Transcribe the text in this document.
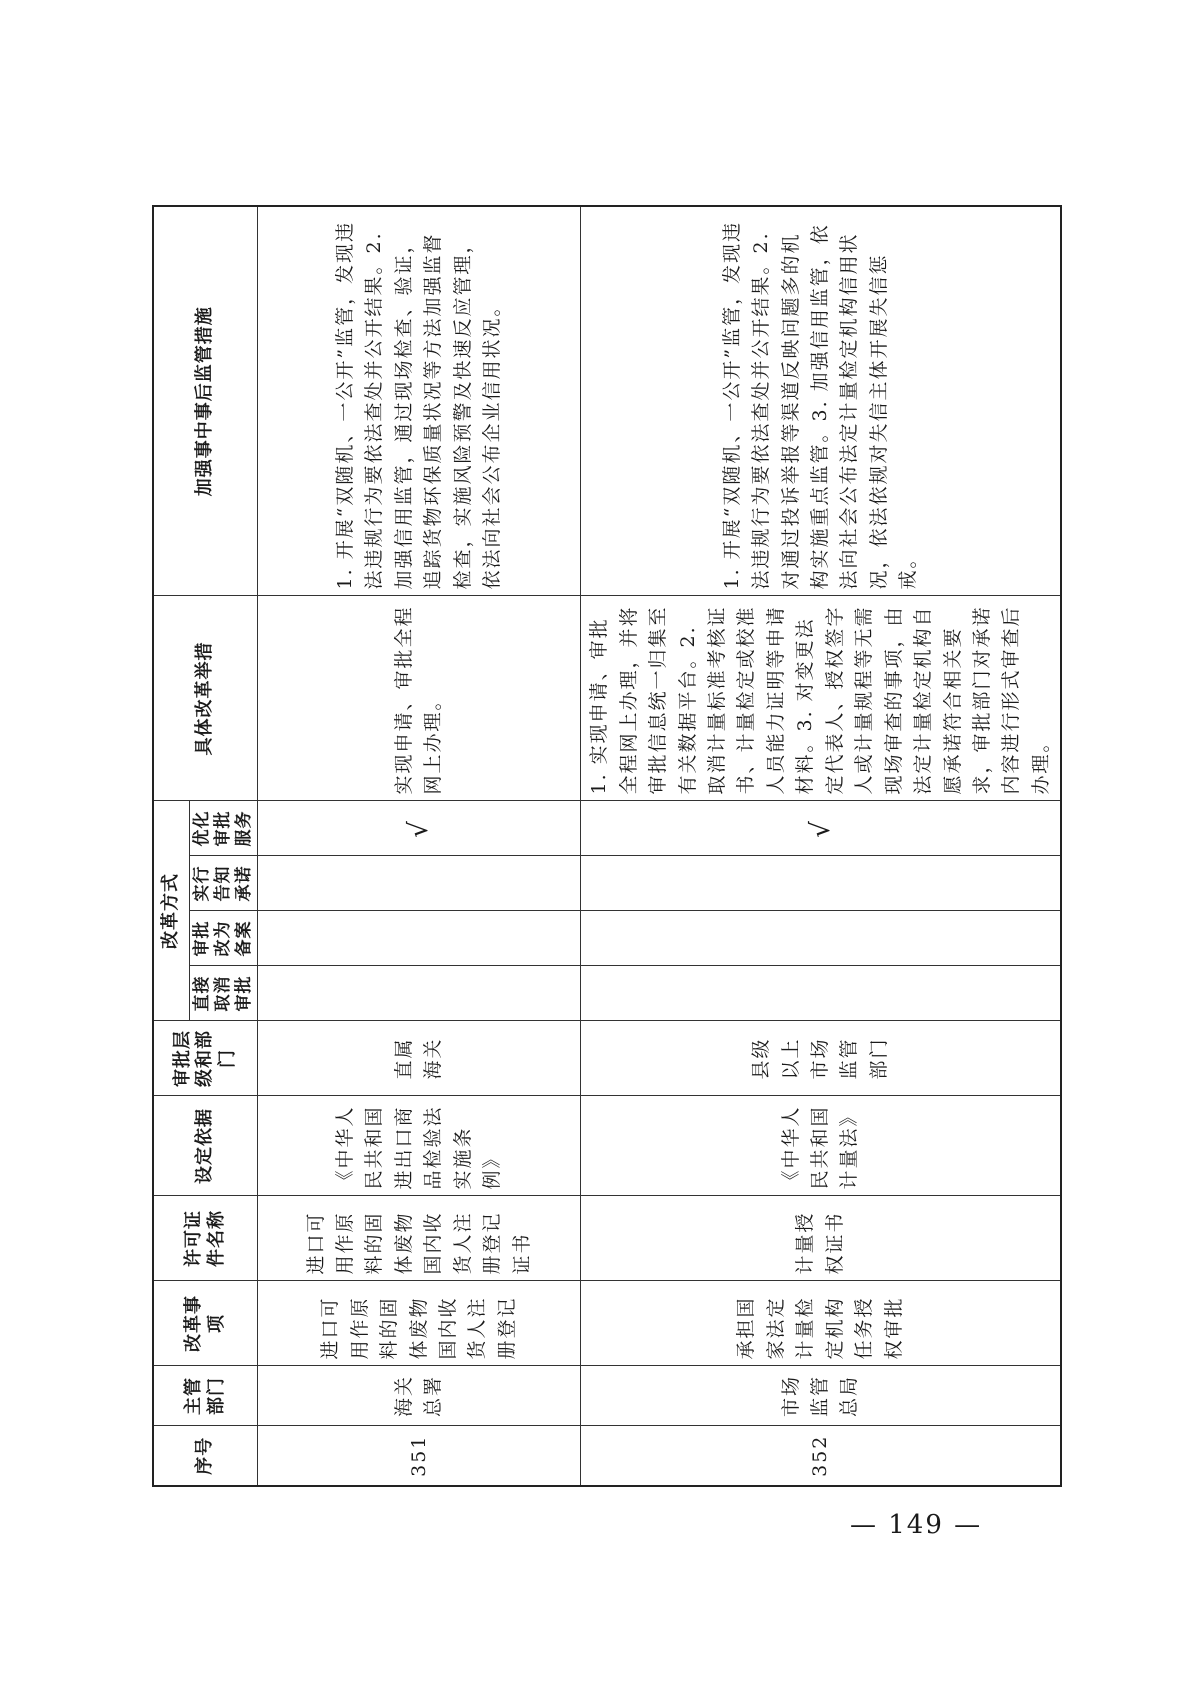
序号	主管部门	改革事项	许可证件名称	设定依据	审批层级和部门	改革方式				具体改革举措	加强事中事后监管措施
						直接取消审批	审批改为备案	实行告知承诺	优化审批服务		
351	海关总署	进口可用作原料的固体废物国内收货人注册登记	进口可用作原料的固体废物国内收货人注册登记证书	《中华人民共和国进出口商品检验法实施条例》	直属海关				√	实现申请、审批全程网上办理。	1. 开展“双随机、一公开”监管，发现违法违规行为要依法查处并公开结果。2. 加强信用监管，通过现场检查、验证，追踪货物环保质量状况等方法加强监督检查，实施风险预警及快速反应管理，依法向社会公布企业信用状况。
352	市场监管总局	承担国家法定计量检定机构任务授权审批	计量授权证书	《中华人民共和国计量法》	县级以上市场监管部门				√	1. 实现申请、审批全程网上办理，并将审批信息统一归集至有关数据平台。2. 取消计量标准考核证书、计量检定或校准人员能力证明等申请材料。3. 对变更法定代表人、授权签字人或计量规程等无需现场审查的事项，由法定计量检定机构自愿承诺符合相关要求，审批部门对承诺内容进行形式审查后办理。	1. 开展“双随机、一公开”监管，发现违法违规行为要依法查处并公开结果。2. 对通过投诉举报等渠道反映问题多的机构实施重点监管。3. 加强信用监管，依法向社会公布法定计量检定机构信用状况，依法依规对失信主体开展失信惩戒。
— 149 —
